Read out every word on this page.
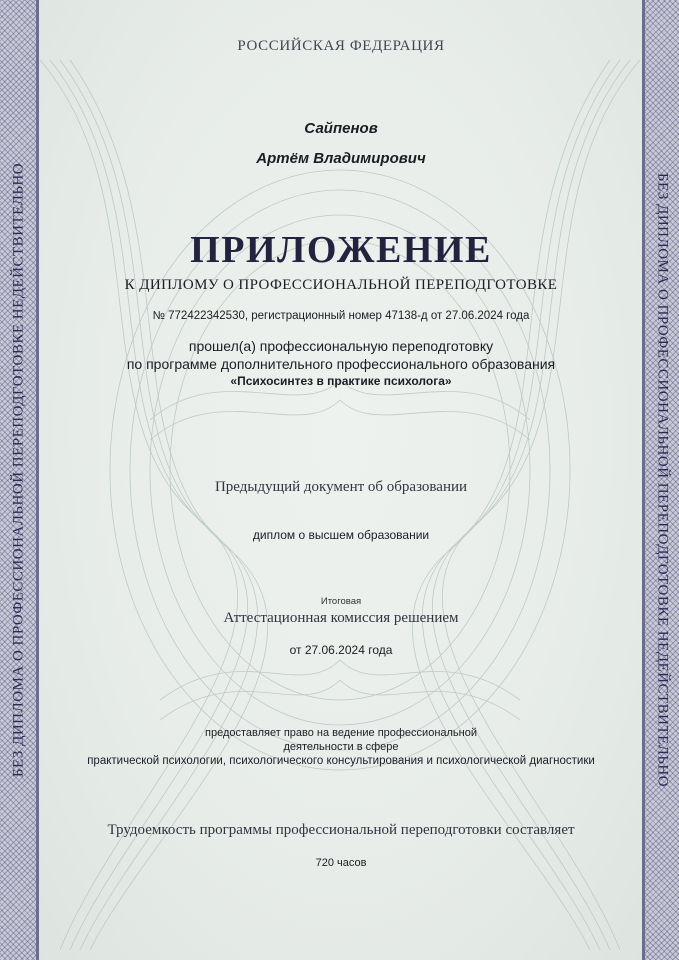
БЕЗ ДИПЛОМА О ПРОФЕССИОНАЛЬНОЙ ПЕРЕПОДГОТОВКЕ НЕДЕЙСТВИТЕЛЬНО	БЕЗ ДИПЛОМА О ПРОФЕССИОНАЛЬНОЙ ПЕРЕПОДГОТОВКЕ НЕДЕЙСТВИТЕЛЬНО
РОССИЙСКАЯ ФЕДЕРАЦИЯ
Сайпенов
Артём Владимирович
ПРИЛОЖЕНИЕ
К ДИПЛОМУ О ПРОФЕССИОНАЛЬНОЙ ПЕРЕПОДГОТОВКЕ
№ 772422342530, регистрационный номер 47138-д от 27.06.2024 года
прошел(а) профессиональную переподготовку
по программе дополнительного профессионального образования
«Психосинтез в практике психолога»
Предыдущий документ об образовании
диплом о высшем образовании
Итоговая
Аттестационная комиссия решением
от 27.06.2024 года
предоставляет право на ведение профессиональной
деятельности в сфере
практической психологии, психологического консультирования и психологической диагностики
Трудоемкость программы профессиональной переподготовки составляет
720 часов
